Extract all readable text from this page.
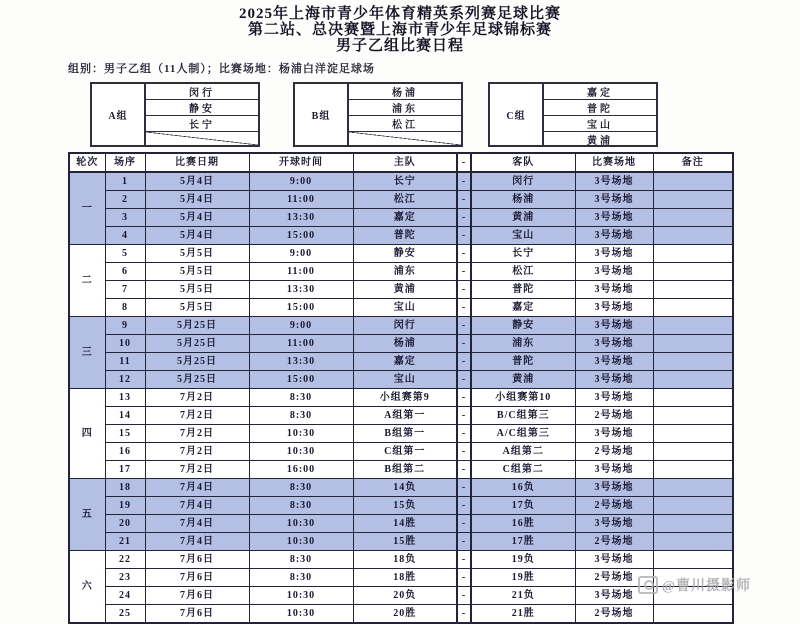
2025年上海市青少年体育精英系列赛足球比赛
第二站、总决赛暨上海市青少年足球锦标赛
男子乙组比赛日程
组别：男子乙组（11人制）；比赛场地：杨浦白洋淀足球场
A组
闵行
静安
长宁
B组
杨浦
浦东
松江
C组
嘉定
普陀
宝山
黄浦
轮次	场序	比赛日期	开球时间	主队	-	客队	比赛场地	备注
一	1	5月4日	9:00	长宁	-	闵行	3号场地	
	2	5月4日	11:00	松江	-	杨浦	3号场地	
	3	5月4日	13:30	嘉定	-	黄浦	3号场地	
	4	5月4日	15:00	普陀	-	宝山	3号场地	
二	5	5月5日	9:00	静安	-	长宁	3号场地	
	6	5月5日	11:00	浦东	-	松江	3号场地	
	7	5月5日	13:30	黄浦	-	普陀	3号场地	
	8	5月5日	15:00	宝山	-	嘉定	3号场地	
三	9	5月25日	9:00	闵行	-	静安	3号场地	
	10	5月25日	11:00	杨浦	-	浦东	3号场地	
	11	5月25日	13:30	嘉定	-	普陀	3号场地	
	12	5月25日	15:00	宝山	-	黄浦	3号场地	
四	13	7月2日	8:30	小组赛第9	-	小组赛第10	3号场地	
	14	7月2日	8:30	A组第一	-	B/C组第三	2号场地	
	15	7月2日	10:30	B组第一	-	A/C组第三	3号场地	
	16	7月2日	10:30	C组第一	-	A组第二	2号场地	
	17	7月2日	16:00	B组第二	-	C组第二	3号场地	
五	18	7月4日	8:30	14负	-	16负	3号场地	
	19	7月4日	8:30	15负	-	17负	2号场地	
	20	7月4日	10:30	14胜	-	16胜	3号场地	
	21	7月4日	10:30	15胜	-	17胜	2号场地	
六	22	7月6日	8:30	18负	-	19负	3号场地	
	23	7月6日	8:30	18胜	-	19胜	2号场地	
	24	7月6日	10:30	20负	-	21负	3号场地	
	25	7月6日	10:30	20胜	-	21胜	2号场地	
@曹川摄影师
